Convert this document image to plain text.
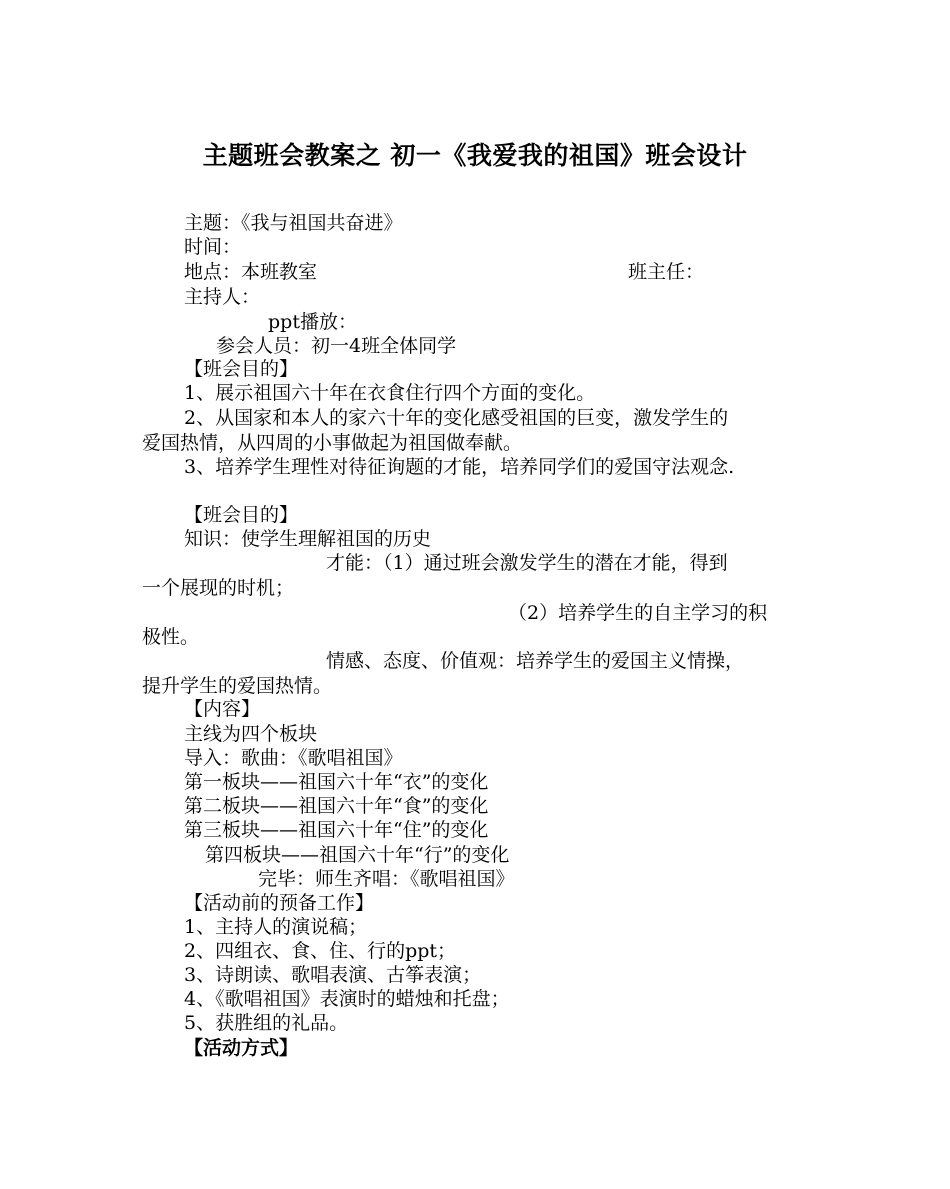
主题班会教案之 初一《我爱我的祖国》班会设计
主题：《我与祖国共奋进》
时间：
地点：本班教室	班主任：
主持人：
ppt播放：
参会人员：初一4班全体同学
【班会目的】
1、展示祖国六十年在衣食住行四个方面的变化。
2、从国家和本人的家六十年的变化感受祖国的巨变，激发学生的
爱国热情，从四周的小事做起为祖国做奉献。
3、培养学生理性对待征询题的才能，培养同学们的爱国守法观念.
【班会目的】
知识：使学生理解祖国的历史
才能：（1）通过班会激发学生的潜在才能，得到
一个展现的时机；
（2）培养学生的自主学习的积
极性。
情感、态度、价值观：培养学生的爱国主义情操，
提升学生的爱国热情。
【内容】
主线为四个板块
导入：歌曲：《歌唱祖国》
第一板块——祖国六十年“衣”的变化
第二板块——祖国六十年“食”的变化
第三板块——祖国六十年“住”的变化
第四板块——祖国六十年“行”的变化
完毕：师生齐唱：《歌唱祖国》
【活动前的预备工作】
1、主持人的演说稿；
2、四组衣、食、住、行的ppt；
3、诗朗读、歌唱表演、古筝表演；
4、《歌唱祖国》表演时的蜡烛和托盘；
5、获胜组的礼品。
【活动方式】
